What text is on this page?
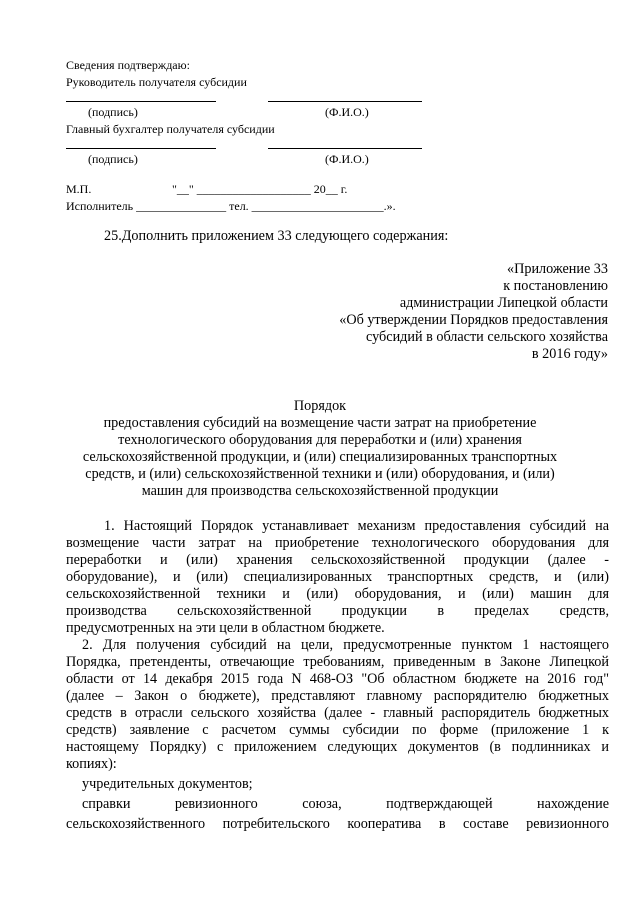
Сведения подтверждаю:
Руководитель получателя субсидии
(подпись)	(Ф.И.О.)
Главный бухгалтер получателя субсидии
(подпись)	(Ф.И.О.)
М.П.	"__" ___________________ 20__ г.
Исполнитель _______________ тел. ______________________.».
25.Дополнить приложением 33 следующего содержания:
«Приложение 33
к постановлению
администрации Липецкой области
«Об утверждении Порядков предоставления
субсидий в области сельского хозяйства
в 2016 году»
Порядок
предоставления субсидий на возмещение части затрат на приобретение
технологического оборудования для переработки и (или) хранения
сельскохозяйственной продукции, и (или) специализированных транспортных
средств, и (или) сельскохозяйственной техники и (или) оборудования, и (или)
машин для производства сельскохозяйственной продукции
1. Настоящий Порядок устанавливает механизм предоставления субсидий на
возмещение части затрат на приобретение технологического оборудования для
переработки и (или) хранения сельскохозяйственной продукции (далее -
оборудование), и (или) специализированных транспортных средств, и (или)
сельскохозяйственной техники и (или) оборудования, и (или) машин для
производства сельскохозяйственной продукции в пределах средств,
предусмотренных на эти цели в областном бюджете.
2. Для получения субсидий на цели, предусмотренные пунктом 1 настоящего
Порядка, претенденты, отвечающие требованиям, приведенным в Законе Липецкой
области от 14 декабря 2015 года N 468-ОЗ "Об областном бюджете на 2016 год"
(далее – Закон о бюджете), представляют главному распорядителю бюджетных
средств в отрасли сельского хозяйства (далее - главный распорядитель бюджетных
средств) заявление с расчетом суммы субсидии по форме (приложение 1 к
настоящему Порядку) с приложением следующих документов (в подлинниках и
копиях):
учредительных документов;
справки ревизионного союза, подтверждающей нахождение
сельскохозяйственного потребительского кооператива в составе ревизионного
